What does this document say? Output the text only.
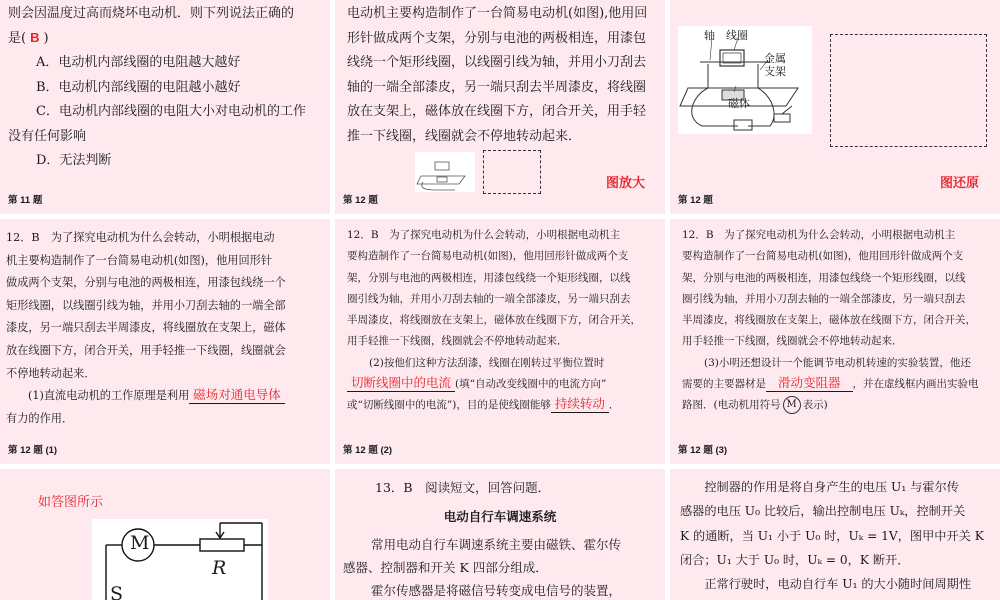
则会因温度过高而烧坏电动机．则下列说法正确的

是( B )

A．电动机内部线圈的电阻越大越好

B．电动机内部线圈的电阻越小越好

C．电动机内部线圈的电阻大小对电动机的工作

没有任何影响

D．无法判断

第 11 题

电动机主要构造制作了一台简易电动机(如图),他用回

形针做成两个支架，分别与电池的两极相连，用漆包

线绕一个矩形线圈，以线圈引线为轴，并用小刀刮去

轴的一端全部漆皮，另一端只刮去半周漆皮，将线圈

放在支架上，磁体放在线圈下方，闭合开关，用手轻

推一下线圈，线圈就会不停地转动起来．

图放大
第 12 题
轴 线圈
金属
支架
磁体
图还原
第 12 题

12．B　为了探究电动机为什么会转动，小明根据电动

机主要构造制作了一台简易电动机(如图)，他用回形针

做成两个支架，分别与电池的两极相连，用漆包线绕一个

矩形线圈，以线圈引线为轴，并用小刀刮去轴的一端全部

漆皮，另一端只刮去半周漆皮，将线圈放在支架上，磁体

放在线圈下方，闭合开关，用手轻推一下线圈，线圈就会

不停地转动起来．

(1)直流电动机的工作原理是利用 磁场对通电导体

有力的作用．

第 12 题 (1)

12．B　为了探究电动机为什么会转动，小明根据电动机主

要构造制作了一台简易电动机(如图)，他用回形针做成两个支

架，分别与电池的两极相连，用漆包线绕一个矩形线圈，以线

圈引线为轴，并用小刀刮去轴的一端全部漆皮，另一端只刮去

半周漆皮，将线圈放在支架上，磁体放在线圈下方，闭合开关，

用手轻推一下线圈，线圈就会不停地转动起来．

(2)按他们这种方法刮漆，线圈在刚转过平衡位置时

切断线圈中的电流 (填“自动改变线圈中的电流方向”

或“切断线圈中的电流”)，目的是使线圈能够 持续转动 ．

第 12 题 (2)

12．B　为了探究电动机为什么会转动，小明根据电动机主

要构造制作了一台简易电动机(如图)，他用回形针做成两个支

架，分别与电池的两极相连，用漆包线绕一个矩形线圈，以线

圈引线为轴，并用小刀刮去轴的一端全部漆皮，另一端只刮去

半周漆皮，将线圈放在支架上，磁体放在线圈下方，闭合开关，

用手轻推一下线圈，线圈就会不停地转动起来．

(3)小明还想设计一个能调节电动机转速的实验装置，他还

需要的主要器材是 滑动变阻器 ，并在虚线框内画出实验电

路图．(电动机用符号 M 表示)

第 12 题 (3)
如答图所示
M
R
S
13．B　阅读短文，回答问题．
电动自行车调速系统

常用电动自行车调速系统主要由磁铁、霍尔传

感器、控制器和开关 K 四部分组成．

霍尔传感器是将磁信号转变成电信号的装置，

　　控制器的作用是将自身产生的电压 U₁ 与霍尔传

感器的电压 U₀ 比较后，输出控制电压 Uₖ，控制开关

K 的通断，当 U₁ 小于 U₀ 时，Uₖ = 1V，图甲中开关 K

闭合；U₁ 大于 U₀ 时，Uₖ = 0，K 断开．

　　正常行驶时，电动自行车 U₁ 的大小随时间周期性
